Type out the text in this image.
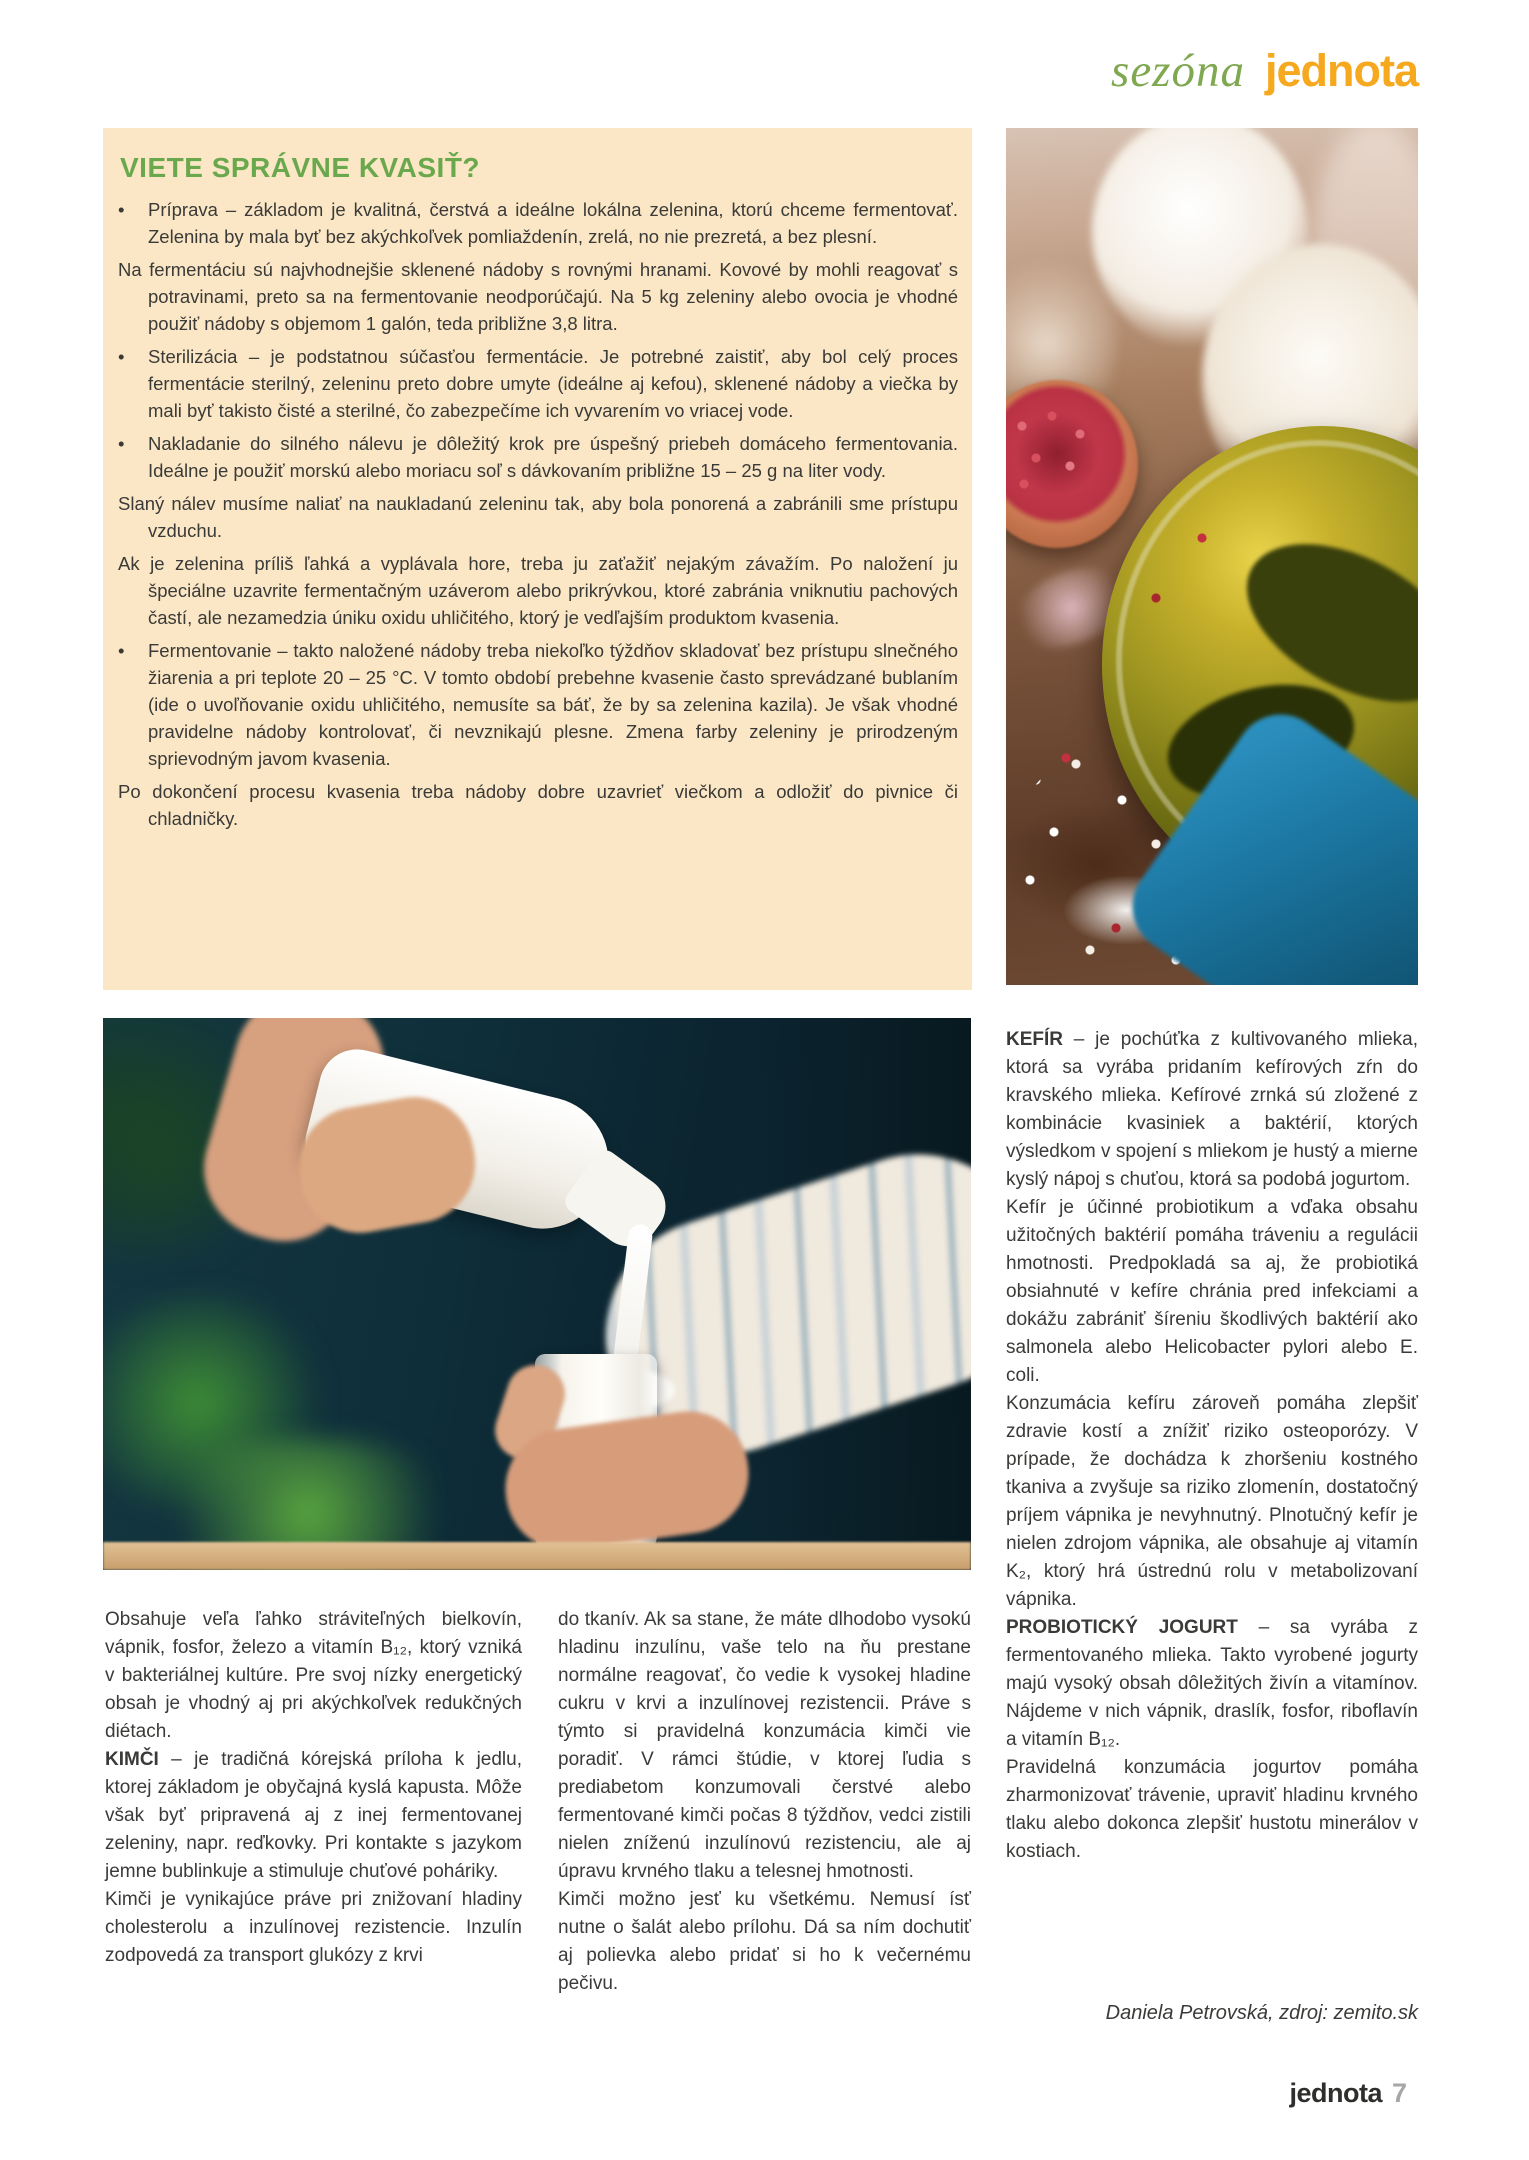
sezóna jednota
VIETE SPRÁVNE KVASIŤ?

• Príprava – základom je kvalitná, čerstvá a ideálne lokálna zelenina, ktorú chceme fermentovať. Zelenina by mala byť bez akýchkoľvek pomliaždenín, zrelá, no nie prezretá, a bez plesní.

Na fermentáciu sú najvhodnejšie sklenené nádoby s rovnými hranami. Kovové by mohli reagovať s potravinami, preto sa na fermentovanie neodporúčajú. Na 5 kg zeleniny alebo ovocia je vhodné použiť nádoby s objemom 1 galón, teda približne 3,8 litra.

• Sterilizácia – je podstatnou súčasťou fermentácie. Je potrebné zaistiť, aby bol celý proces fermentácie sterilný, zeleninu preto dobre umyte (ideálne aj kefou), sklenené nádoby a viečka by mali byť takisto čisté a sterilné, čo zabezpečíme ich vyvarením vo vriacej vode.

• Nakladanie do silného nálevu je dôležitý krok pre úspešný priebeh domáceho fermentovania. Ideálne je použiť morskú alebo moriacu soľ s dávkovaním približne 15 – 25 g na liter vody.

Slaný nálev musíme naliať na naukladanú zeleninu tak, aby bola ponorená a zabránili sme prístupu vzduchu.

Ak je zelenina príliš ľahká a vyplávala hore, treba ju zaťažiť nejakým závažím. Po naložení ju špeciálne uzavrite fermentačným uzáverom alebo prikrývkou, ktoré zabránia vniknutiu pachových častí, ale nezamedzia úniku oxidu uhličitého, ktorý je vedľajším produktom kvasenia.

• Fermentovanie – takto naložené nádoby treba niekoľko týždňov skladovať bez prístupu slnečného žiarenia a pri teplote 20 – 25 °C. V tomto období prebehne kvasenie často sprevádzané bublaním (ide o uvoľňovanie oxidu uhličitého, nemusíte sa báť, že by sa zelenina kazila). Je však vhodné pravidelne nádoby kontrolovať, či nevznikajú plesne. Zmena farby zeleniny je prirodzeným sprievodným javom kvasenia.

Po dokončení procesu kvasenia treba nádoby dobre uzavrieť viečkom a odložiť do pivnice či chladničky.

KEFÍR – je pochúťka z kultivovaného mlieka, ktorá sa vyrába pridaním kefírových zŕn do kravského mlieka. Kefírové zrnká sú zložené z kombinácie kvasiniek a baktérií, ktorých výsledkom v spojení s mliekom je hustý a mierne kyslý nápoj s chuťou, ktorá sa podobá jogurtom.

Kefír je účinné probiotikum a vďaka obsahu užitočných baktérií pomáha tráveniu a regulácii hmotnosti. Predpokladá sa aj, že probiotiká obsiahnuté v kefíre chránia pred infekciami a dokážu zabrániť šíreniu škodlivých baktérií ako salmonela alebo Helicobacter pylori alebo E. coli.

Konzumácia kefíru zároveň pomáha zlepšiť zdravie kostí a znížiť riziko osteoporózy. V prípade, že dochádza k zhoršeniu kostného tkaniva a zvyšuje sa riziko zlomenín, dostatočný príjem vápnika je nevyhnutný. Plnotučný kefír je nielen zdrojom vápnika, ale obsahuje aj vitamín K₂, ktorý hrá ústrednú rolu v metabolizovaní vápnika.

PROBIOTICKÝ JOGURT – sa vyrába z fermentovaného mlieka. Takto vyrobené jogurty majú vysoký obsah dôležitých živín a vitamínov. Nájdeme v nich vápnik, draslík, fosfor, riboflavín a vitamín B₁₂.

Pravidelná konzumácia jogurtov pomáha zharmonizovať trávenie, upraviť hladinu krvného tlaku alebo dokonca zlepšiť hustotu minerálov v kostiach.

Obsahuje veľa ľahko stráviteľných bielkovín, vápnik, fosfor, železo a vitamín B₁₂, ktorý vzniká v bakteriálnej kultúre. Pre svoj nízky energetický obsah je vhodný aj pri akýchkoľvek redukčných diétach.

KIMČI – je tradičná kórejská príloha k jedlu, ktorej základom je obyčajná kyslá kapusta. Môže však byť pripravená aj z inej fermentovanej zeleniny, napr. reďkovky. Pri kontakte s jazykom jemne bublinkuje a stimuluje chuťové poháriky.

Kimči je vynikajúce práve pri znižovaní hladiny cholesterolu a inzulínovej rezistencie. Inzulín zodpovedá za transport glukózy z krvi

do tkanív. Ak sa stane, že máte dlhodobo vysokú hladinu inzulínu, vaše telo na ňu prestane normálne reagovať, čo vedie k vysokej hladine cukru v krvi a inzulínovej rezistencii. Práve s týmto si pravidelná konzumácia kimči vie poradiť. V rámci štúdie, v ktorej ľudia s prediabetom konzumovali čerstvé alebo fermentované kimči počas 8 týždňov, vedci zistili nielen zníženú inzulínovú rezistenciu, ale aj úpravu krvného tlaku a telesnej hmotnosti.

Kimči možno jesť ku všetkému. Nemusí ísť nutne o šalát alebo prílohu. Dá sa ním dochutiť aj polievka alebo pridať si ho k večernému pečivu.

Daniela Petrovská, zdroj: zemito.sk
jednota 7
